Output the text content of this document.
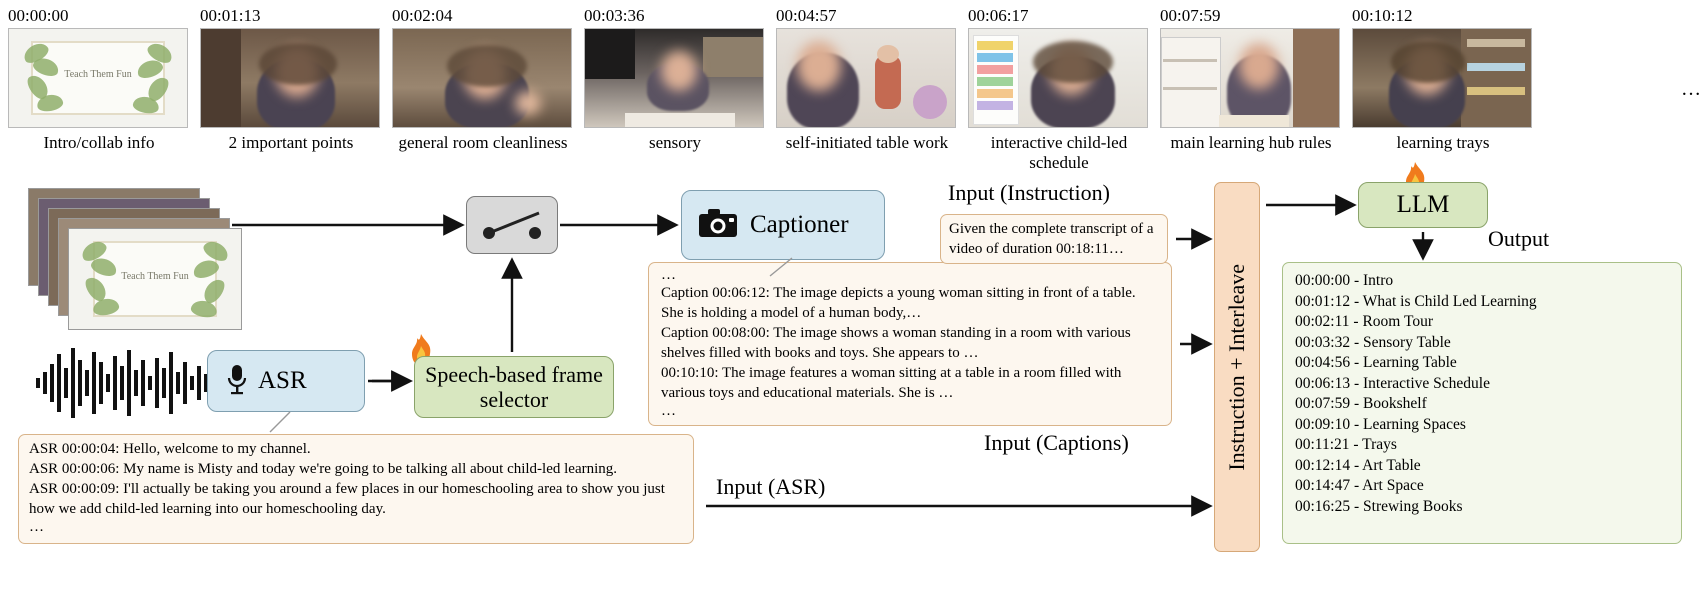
00:00:00
Teach Them Fun
Intro/collab info
00:01:13
2 important points
00:02:04
general room cleanliness
00:03:36
sensory
00:04:57
self-initiated table work
00:06:17
interactive child-led schedule
00:07:59
main learning hub rules
00:10:12
learning trays
…
Teach Them Fun
Captioner
ASR	Speech-based frame selector
…
Caption 00:06:12: The image depicts a young woman sitting in front of a table. She is holding a model of a human body,…
Caption 00:08:00: The image shows a woman standing in a room with various shelves filled with books and toys. She appears to …
00:10:10: The image features a woman sitting at a table in a room filled with various toys and educational materials. She is …
…
Input (Captions)
Input (Instruction)
Given the complete transcript of a video of duration 00:18:11…
ASR 00:00:04: Hello, welcome to my channel.
ASR 00:00:06: My name is Misty and today we're going to be talking all about child-led learning.
ASR 00:00:09: I'll actually be taking you around a few places in our homeschooling area to show you just how we add child-led learning into our homeschooling day.
…
Input (ASR)
Instruction + Interleave
LLM
Output
00:00:00 - Intro
00:01:12 - What is Child Led Learning
00:02:11 - Room Tour
00:03:32 - Sensory Table
00:04:56 - Learning Table
00:06:13 - Interactive Schedule
00:07:59 - Bookshelf
00:09:10 - Learning Spaces
00:11:21 - Trays
00:12:14 - Art Table
00:14:47 - Art Space
00:16:25 - Strewing Books
